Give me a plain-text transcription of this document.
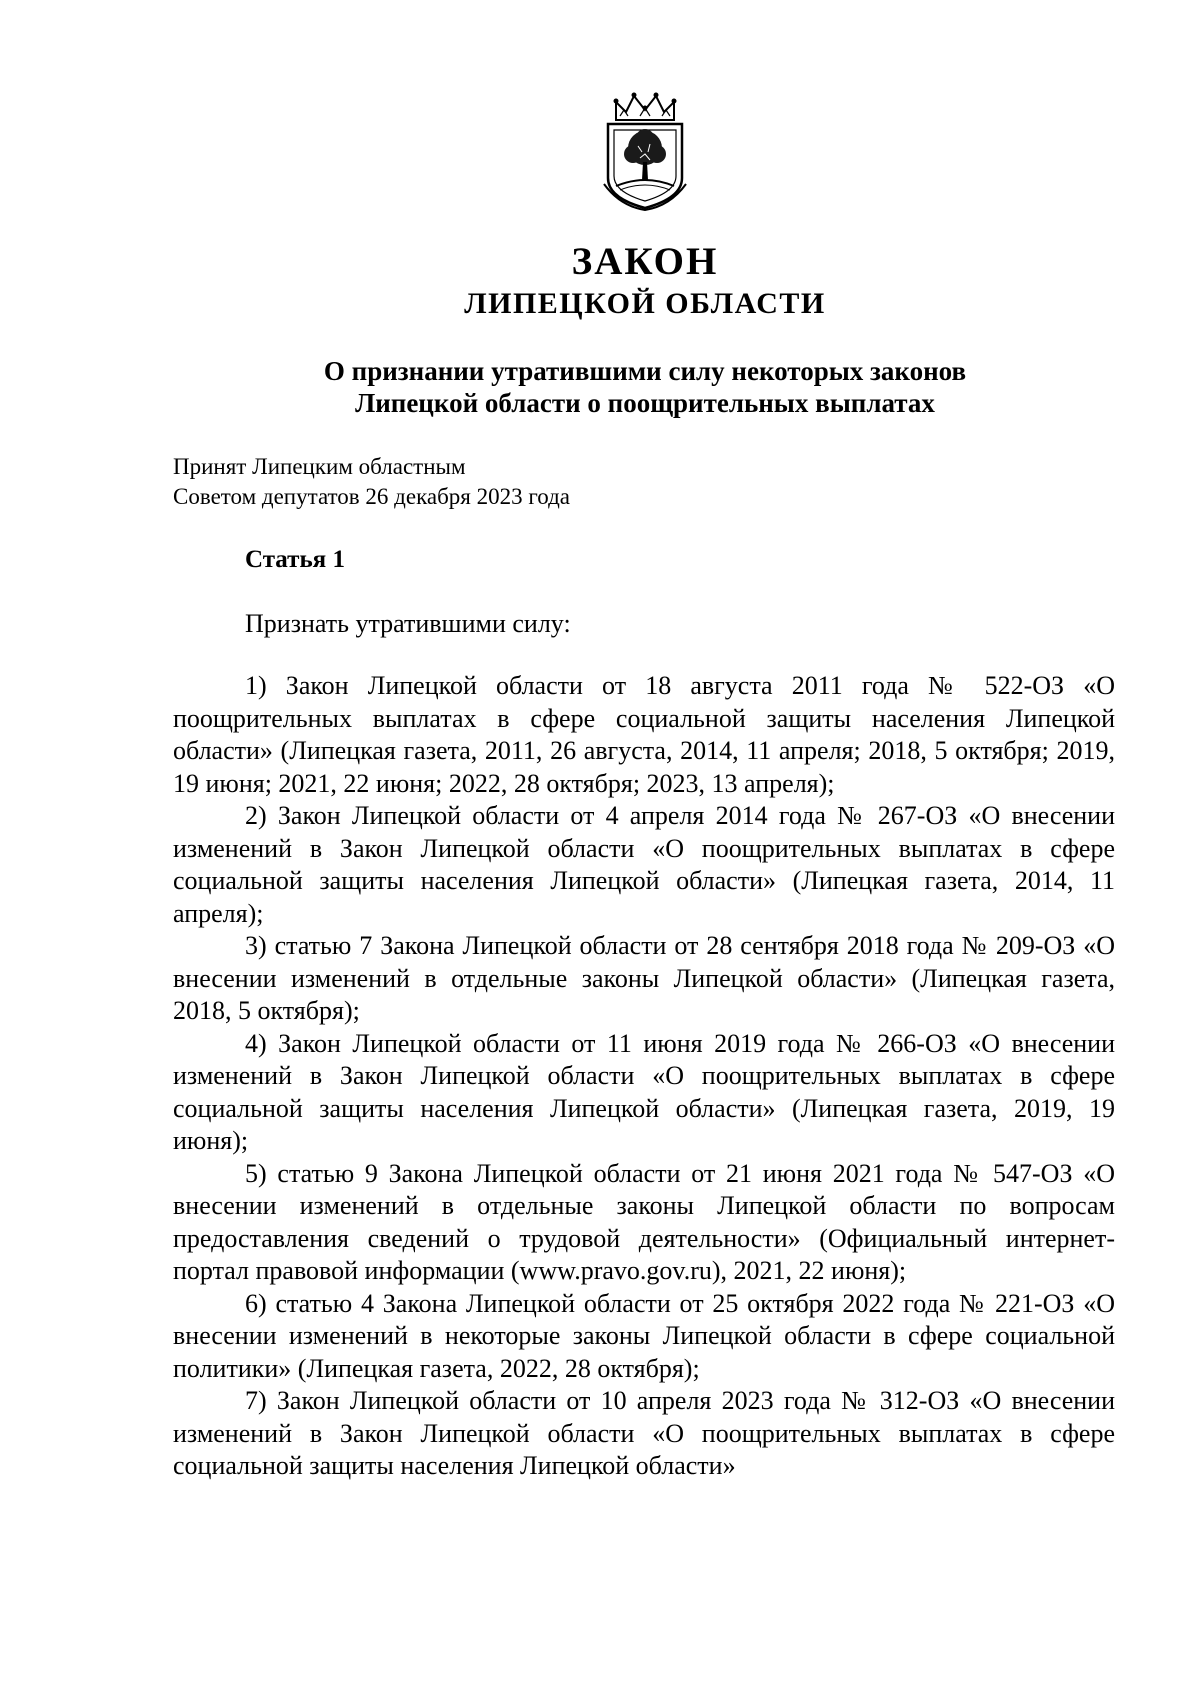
ЗАКОН
ЛИПЕЦКОЙ ОБЛАСТИ
О признании утратившими силу некоторых законов
Липецкой области о поощрительных выплатах
Принят Липецким областным
Советом депутатов 26 декабря 2023 года
Статья 1
Признать утратившими силу:

1) Закон Липецкой области от 18 августа 2011 года № 522-ОЗ «О поощрительных выплатах в сфере социальной защиты населения Липецкой области» (Липецкая газета, 2011, 26 августа, 2014, 11 апреля; 2018, 5 октября; 2019, 19 июня; 2021, 22 июня; 2022, 28 октября; 2023, 13 апреля);

2) Закон Липецкой области от 4 апреля 2014 года № 267-ОЗ «О внесении изменений в Закон Липецкой области «О поощрительных выплатах в сфере социальной защиты населения Липецкой области» (Липецкая газета, 2014, 11 апреля);

3) статью 7 Закона Липецкой области от 28 сентября 2018 года № 209-ОЗ «О внесении изменений в отдельные законы Липецкой области» (Липецкая газета, 2018, 5 октября);

4) Закон Липецкой области от 11 июня 2019 года № 266-ОЗ «О внесении изменений в Закон Липецкой области «О поощрительных выплатах в сфере социальной защиты населения Липецкой области» (Липецкая газета, 2019, 19 июня);

5) статью 9 Закона Липецкой области от 21 июня 2021 года № 547-ОЗ «О внесении изменений в отдельные законы Липецкой области по вопросам предоставления сведений о трудовой деятельности» (Официальный интернет-портал правовой информации (www.pravo.gov.ru), 2021, 22 июня);

6) статью 4 Закона Липецкой области от 25 октября 2022 года № 221-ОЗ «О внесении изменений в некоторые законы Липецкой области в сфере социальной политики» (Липецкая газета, 2022, 28 октября);

7) Закон Липецкой области от 10 апреля 2023 года № 312-ОЗ «О внесении изменений в Закон Липецкой области «О поощрительных выплатах в сфере социальной защиты населения Липецкой области»
